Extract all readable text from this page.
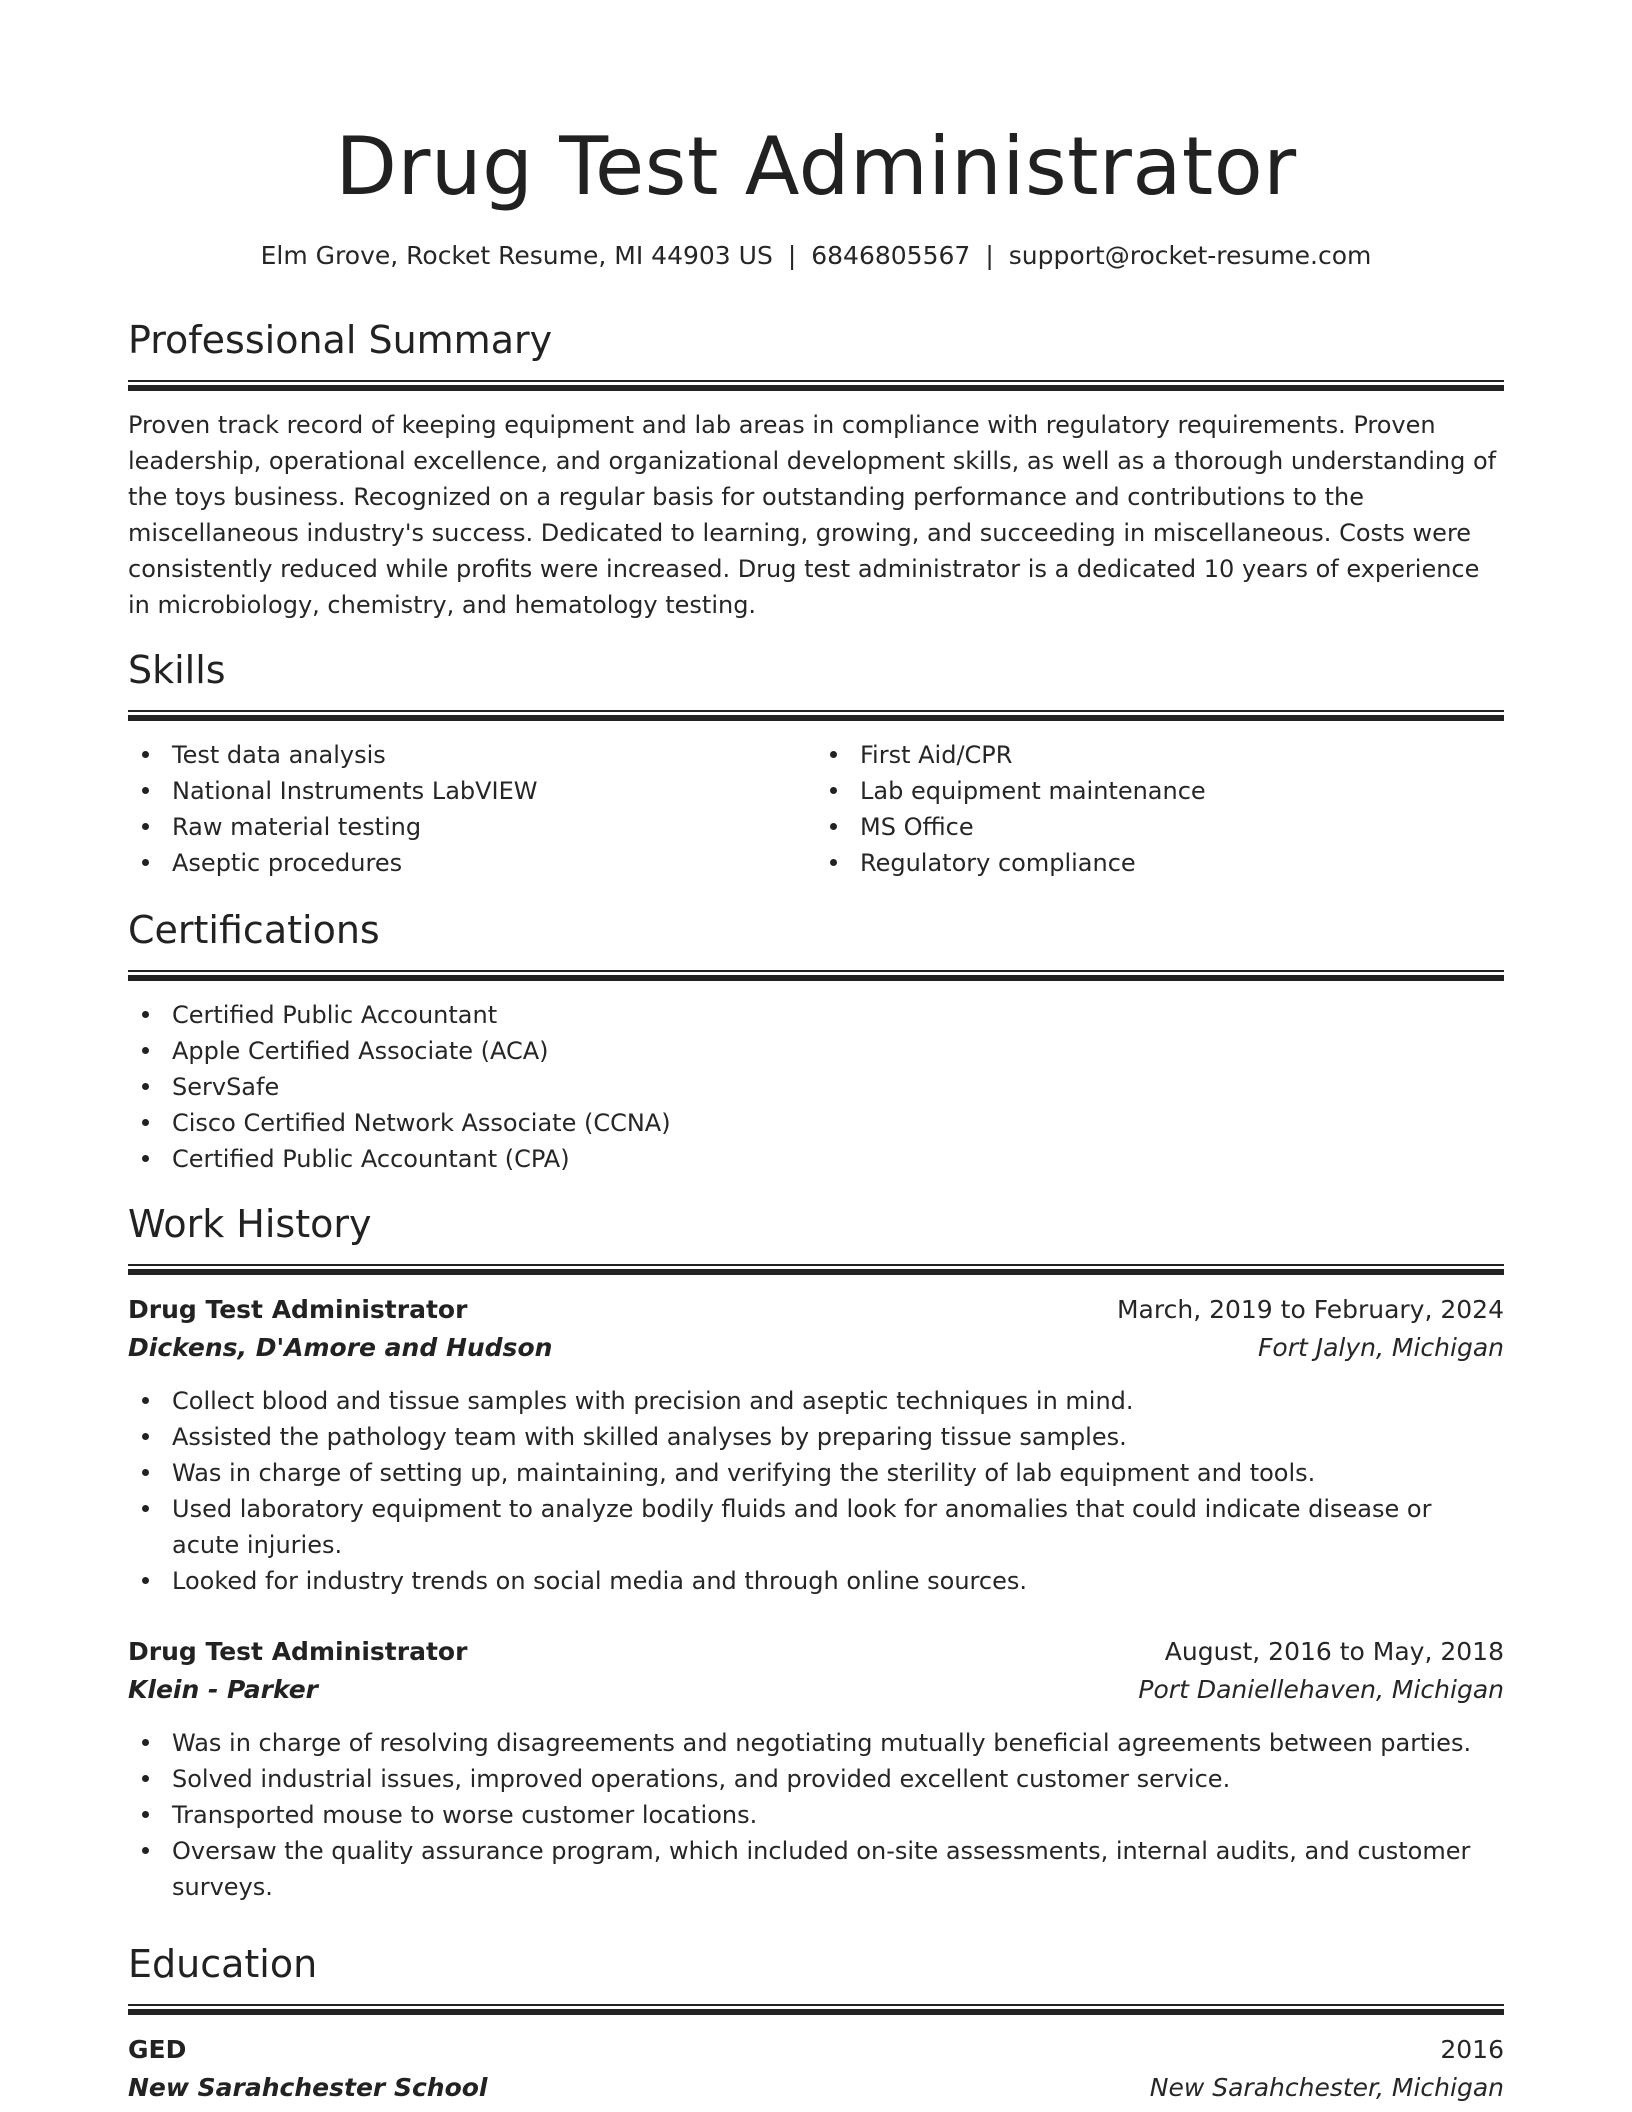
Drug Test Administrator
Elm Grove, Rocket Resume, MI 44903 US | 6846805567 | support@rocket-resume.com
Professional Summary

Proven track record of keeping equipment and lab areas in compliance with regulatory requirements. Proven leadership, operational excellence, and organizational development skills, as well as a thorough understanding of the toys business. Recognized on a regular basis for outstanding performance and contributions to the miscellaneous industry's success. Dedicated to learning, growing, and succeeding in miscellaneous. Costs were consistently reduced while profits were increased. Drug test administrator is a dedicated 10 years of experience in microbiology, chemistry, and hematology testing.

Skills
Test data analysis
National Instruments LabVIEW
Raw material testing
Aseptic procedures
First Aid/CPR
Lab equipment maintenance
MS Office
Regulatory compliance
Certifications
Certified Public Accountant
Apple Certified Associate (ACA)
ServSafe
Cisco Certified Network Associate (CCNA)
Certified Public Accountant (CPA)
Work History
Drug Test Administrator	March, 2019 to February, 2024
Dickens, D'Amore and Hudson	Fort Jalyn, Michigan
Collect blood and tissue samples with precision and aseptic techniques in mind.
Assisted the pathology team with skilled analyses by preparing tissue samples.
Was in charge of setting up, maintaining, and verifying the sterility of lab equipment and tools.
Used laboratory equipment to analyze bodily fluids and look for anomalies that could indicate disease or acute injuries.
Looked for industry trends on social media and through online sources.
Drug Test Administrator	August, 2016 to May, 2018
Klein - Parker	Port Daniellehaven, Michigan
Was in charge of resolving disagreements and negotiating mutually beneficial agreements between parties.
Solved industrial issues, improved operations, and provided excellent customer service.
Transported mouse to worse customer locations.
Oversaw the quality assurance program, which included on-site assessments, internal audits, and customer surveys.
Education
GED	2016
New Sarahchester School	New Sarahchester, Michigan
